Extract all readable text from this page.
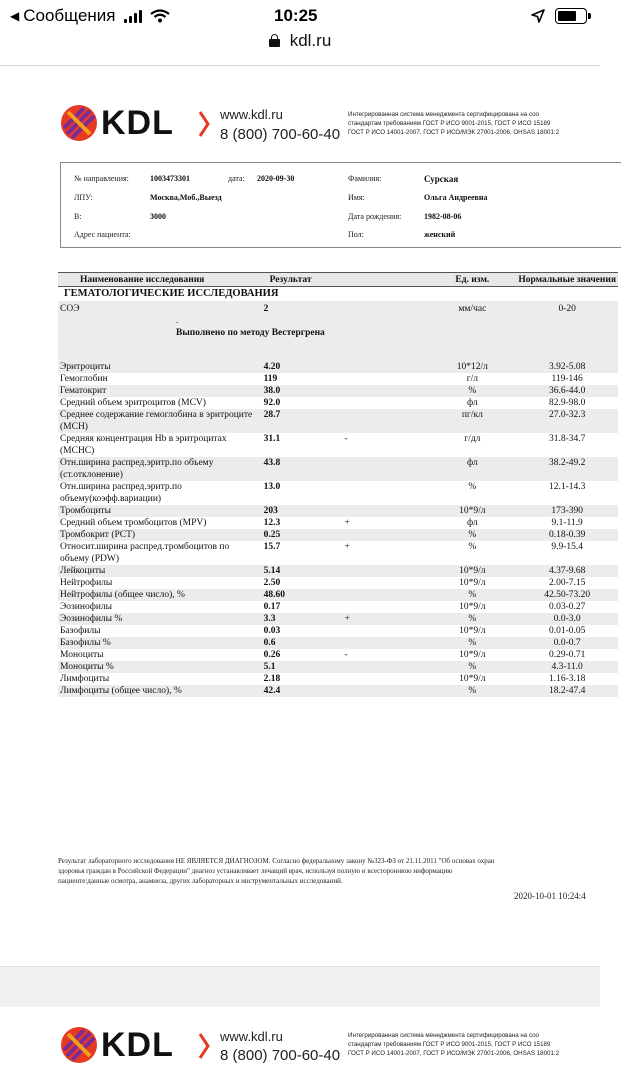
◀ Сообщения	10:25
kdl.ru
KDL	www.kdl.ru
8 (800) 700-60-40
Интегрированная система менеджмента сертифицирована на соо
стандартам требованиям ГОСТ Р ИСО 9001-2015, ГОСТ Р ИСО 15189
ГОСТ Р ИСО 14001-2007, ГОСТ Р ИСО/МЭК 27001-2006, OHSAS 18001:2
№ направления:	1003473301	дата: 2020-09-30
ЛПУ:	Москва,Моб.,Выезд
В:	3000
Адрес пациента:
Фамилия:	Сурская
Имя:	Ольга Андреевна
Дата рождения:	1982-08-06
Пол:	женский
Наименование исследования	Результат		Ед. изм.	Нормальные значения
ГЕМАТОЛОГИЧЕСКИЕ ИССЛЕДОВАНИЯ				
СОЭ	2		мм/час	0-20
.				
Выполнено по методу Вестергрена				
Эритроциты	4.20		10*12/л	3.92-5.08
Гемоглобин	119		г/л	119-146
Гематокрит	38.0		%	36.6-44.0
Средний объем эритроцитов (MCV)	92.0		фл	82.9-98.0
Среднее содержание гемоглобина в эритроците (MCH)	28.7		пг/кл	27.0-32.3
Средняя концентрация Hb в эритроцитах (MCHC)	31.1	-	г/дл	31.8-34.7
Отн.ширина распред.эритр.по объему (ст.отклонение)	43.8		фл	38.2-49.2
Отн.ширина распред.эритр.по объему(коэфф.вариации)	13.0		%	12.1-14.3
Тромбоциты	203		10*9/л	173-390
Средний объем тромбоцитов (MPV)	12.3	+	фл	9.1-11.9
Тромбокрит (PCT)	0.25		%	0.18-0.39
Относит.ширина распред.тромбоцитов по объему (PDW)	15.7	+	%	9.9-15.4
Лейкоциты	5.14		10*9/л	4.37-9.68
Нейтрофилы	2.50		10*9/л	2.00-7.15
Нейтрофилы (общее число), %	48.60		%	42.50-73.20
Эозинофилы	0.17		10*9/л	0.03-0.27
Эозинофилы %	3.3	+	%	0.0-3.0
Базофилы	0.03		10*9/л	0.01-0.05
Базофилы %	0.6		%	0.0-0.7
Моноциты	0.26	-	10*9/л	0.29-0.71
Моноциты %	5.1		%	4.3-11.0
Лимфоциты	2.18		10*9/л	1.16-3.18
Лимфоциты (общее число), %	42.4		%	18.2-47.4
Результат лабораторного исследования НЕ ЯВЛЯЕТСЯ ДИАГНОЗОМ. Согласно федеральному закону №323-ФЗ от 21.11.2011 "Об основах охран
здоровья граждан в Российской Федерации" диагноз устанавливает лечащий врач, используя полную и всестороннюю информацию
пациенте:данные осмотра, анамнеза, других лабораторных и инструментальных исследований.
2020-10-01 10:24:4
KDL	www.kdl.ru
8 (800) 700-60-40
Интегрированная система менеджмента сертифицирована на соо
стандартам требованиям ГОСТ Р ИСО 9001-2015, ГОСТ Р ИСО 15189
ГОСТ Р ИСО 14001-2007, ГОСТ Р ИСО/МЭК 27001-2006, OHSAS 18001:2
